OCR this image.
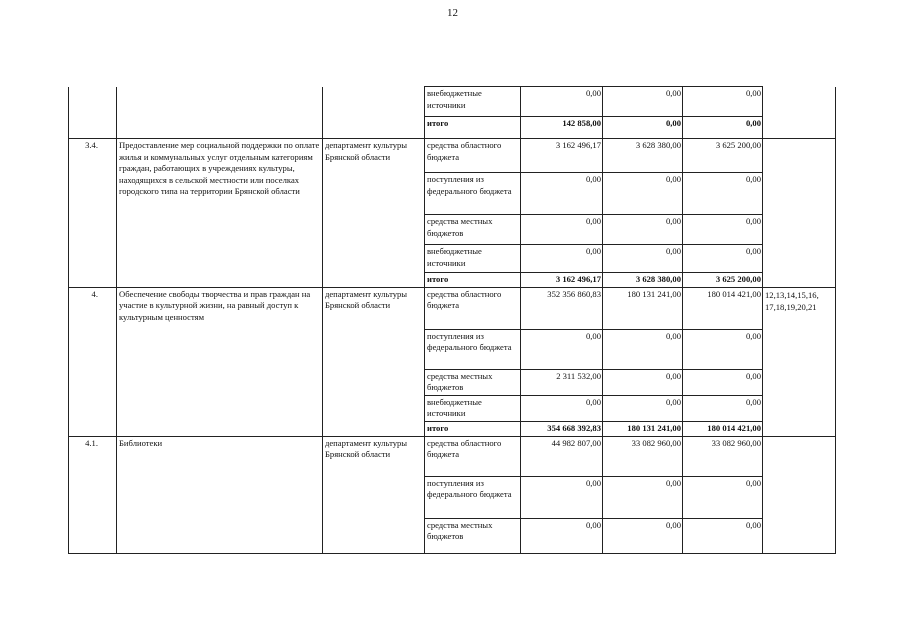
12
			внебюджетные источники	0,00	0,00	0,00	
			итого	142 858,00	0,00	0,00	
3.4.	Предоставление мер социальной поддержки по оплате жилья и коммунальных услуг отдельным категориям граждан, работающих в учреждениях культуры, находящихся в сельской местности или поселках городского типа на территории Брянской области	департамент культуры Брянской области	средства областного бюджета	3 162 496,17	3 628 380,00	3 625 200,00	
			поступления из федерального бюджета	0,00	0,00	0,00	
			средства местных бюджетов	0,00	0,00	0,00	
			внебюджетные источники	0,00	0,00	0,00	
			итого	3 162 496,17	3 628 380,00	3 625 200,00	
4.	Обеспечение свободы творчества и прав граждан на участие в культурной жизни, на равный доступ к культурным ценностям	департамент культуры Брянской области	средства областного бюджета	352 356 860,83	180 131 241,00	180 014 421,00	12,13,14,15,16, 17,18,19,20,21
			поступления из федерального бюджета	0,00	0,00	0,00	
			средства местных бюджетов	2 311 532,00	0,00	0,00	
			внебюджетные источники	0,00	0,00	0,00	
			итого	354 668 392,83	180 131 241,00	180 014 421,00	
4.1.	Библиотеки	департамент культуры Брянской области	средства областного бюджета	44 982 807,00	33 082 960,00	33 082 960,00	
			поступления из федерального бюджета	0,00	0,00	0,00	
			средства местных бюджетов	0,00	0,00	0,00	
